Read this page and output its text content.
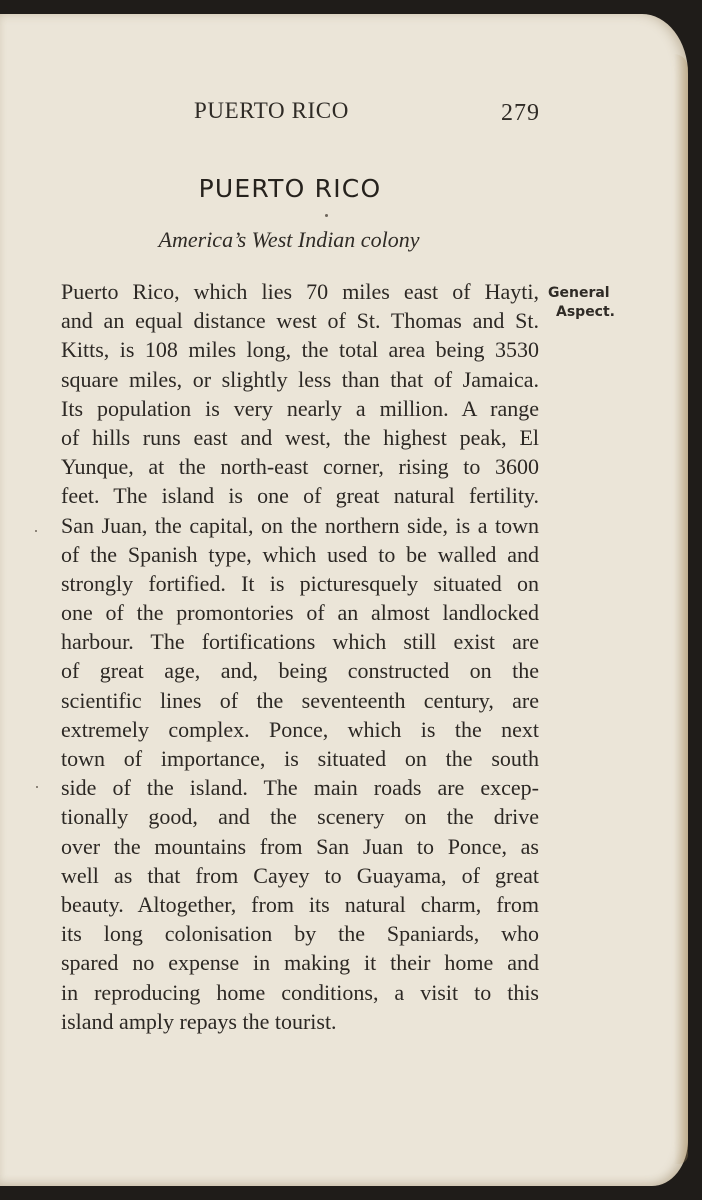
PUERTO RICO	279
PUERTO RICO
America’s West Indian colony
General
Aspect.
Puerto Rico, which lies 70 miles east of Hayti,
and an equal distance west of St. Thomas and St.
Kitts, is 108 miles long, the total area being 3530
square miles, or slightly less than that of Jamaica.
Its population is very nearly a million. A range
of hills runs east and west, the highest peak, El
Yunque, at the north-east corner, rising to 3600
feet. The island is one of great natural fertility.
San Juan, the capital, on the northern side, is a town
of the Spanish type, which used to be walled and
strongly fortified. It is picturesquely situated on
one of the promontories of an almost landlocked
harbour. The fortifications which still exist are
of great age, and, being constructed on the
scientific lines of the seventeenth century, are
extremely complex. Ponce, which is the next
town of importance, is situated on the south
side of the island. The main roads are excep-
tionally good, and the scenery on the drive
over the mountains from San Juan to Ponce, as
well as that from Cayey to Guayama, of great
beauty. Altogether, from its natural charm, from
its long colonisation by the Spaniards, who
spared no expense in making it their home and
in reproducing home conditions, a visit to this
island amply repays the tourist.
